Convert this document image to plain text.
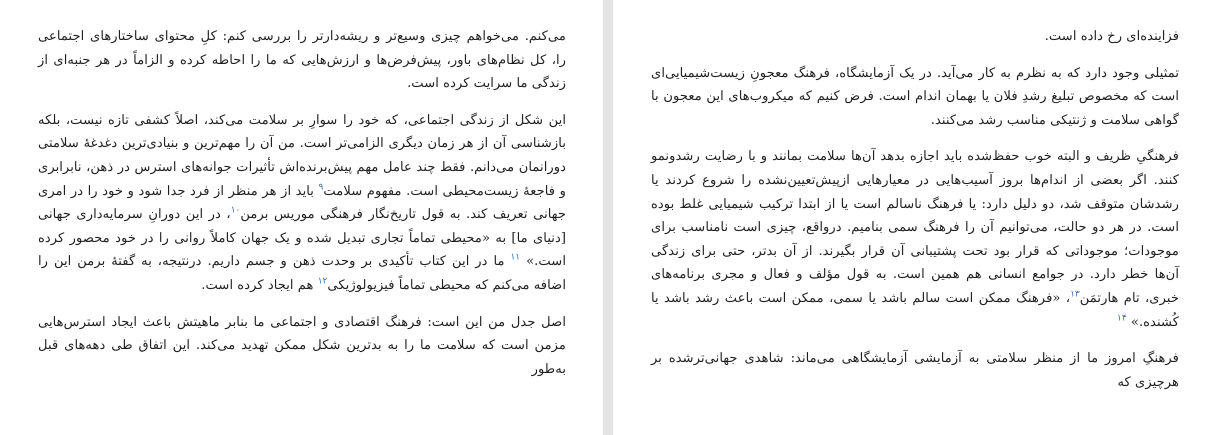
می‌کنم. می‌خواهم چیزی وسیع‌تر و ریشه‌دارتر را بررسی کنم: کلِ محتوای ساختارهای اجتماعی را، کل نظام‌های باور، پیش‌فرض‌ها و ارزش‌هایی که ما را احاطه کرده و الزاماً در هر جنبه‌ای از زندگی ما سرایت کرده است.

این شکل از زندگی اجتماعی، که خود را سوارِ بر سلامت می‌کند، اصلاً کشفی تازه نیست، بلکه بازشناسی آن از هر زمان دیگری الزامی‌تر است. من آن را مهم‌ترین و بنیادی‌ترین دغدغهٔ سلامتی دورانمان می‌دانم. فقط چند عامل مهم پیش‌برنده‌اش تأثیرات جوانه‌های استرس در ذهن، نابرابری و فاجعهٔ زیست‌محیطی است. مفهوم سلامت$^۹$ باید از هر منظر از فرد جدا شود و خود را در امری جهانی تعریف کند. به قول تاریخ‌نگار فرهنگی موریس برمن$^{۱۰}$، در این دورانِ سرمایه‌داری جهانی [دنیای ما] به «محیطی تماماً تجاری تبدیل شده و یک جهان کاملاً روانی را در خود محصور کرده است.» $^{۱۱}$ ما در این کتاب تأکیدی بر وحدت ذهن و جسم داریم. درنتیجه، به گفتهٔ برمن این را اضافه می‌کنم که محیطی تماماً فیزیولوژیکی$^{۱۲}$ هم ایجاد کرده است.

اصل جدل من این است: فرهنگ اقتصادی و اجتماعی ما بنابر ماهیتش باعث ایجاد استرس‌هایی مزمن است که سلامت ما را به بدترین شکل ممکن تهدید می‌کند. این اتفاق طی دهه‌های قبل به‌طور

فزاینده‌ای رخ داده است.

تمثیلی وجود دارد که به نظرم به کار می‌آید. در یک آزمایشگاه، فرهنگ معجونِ زیست‌شیمیایی‌ای است که مخصوص تبلیغ رشدِ فلان یا بهمان اندام است. فرض کنیم که میکروب‌های این معجون با گواهی سلامت و ژنتیکی مناسب رشد می‌کنند.

فرهنگیِ ظریف و البته خوب حفظ‌شده باید اجازه بدهد آن‌ها سلامت بمانند و با رضایت رشدونمو کنند. اگر بعضی از اندام‌ها بروز آسیب‌هایی در معیارهایی ازپیش‌تعیین‌نشده را شروع کردند یا رشدشان متوقف شد، دو دلیل دارد: یا فرهنگ ناسالم است یا از ابتدا ترکیب شیمیایی غلط بوده است. در هر دو حالت، می‌توانیم آن را فرهنگ سمی بنامیم. درواقع، چیزی است نامناسب برای موجودات؛ موجوداتی که قرار بود تحت پشتیبانی آن قرار بگیرند. از آن بدتر، حتی برای زندگی آن‌ها خطر دارد. در جوامع انسانی هم همین است. به قول مؤلف و فعال و مجری برنامه‌های خبری، تام هارتمَن$^{۱۳}$، «فرهنگ ممکن است سالم باشد یا سمی، ممکن است باعث رشد باشد یا کُشنده.» $^{۱۴}$

فرهنگِ امروز ما از منظر سلامتی به آزمایشی آزمایشگاهی می‌ماند: شاهدی جهانی‌ترشده بر هرچیزی که
